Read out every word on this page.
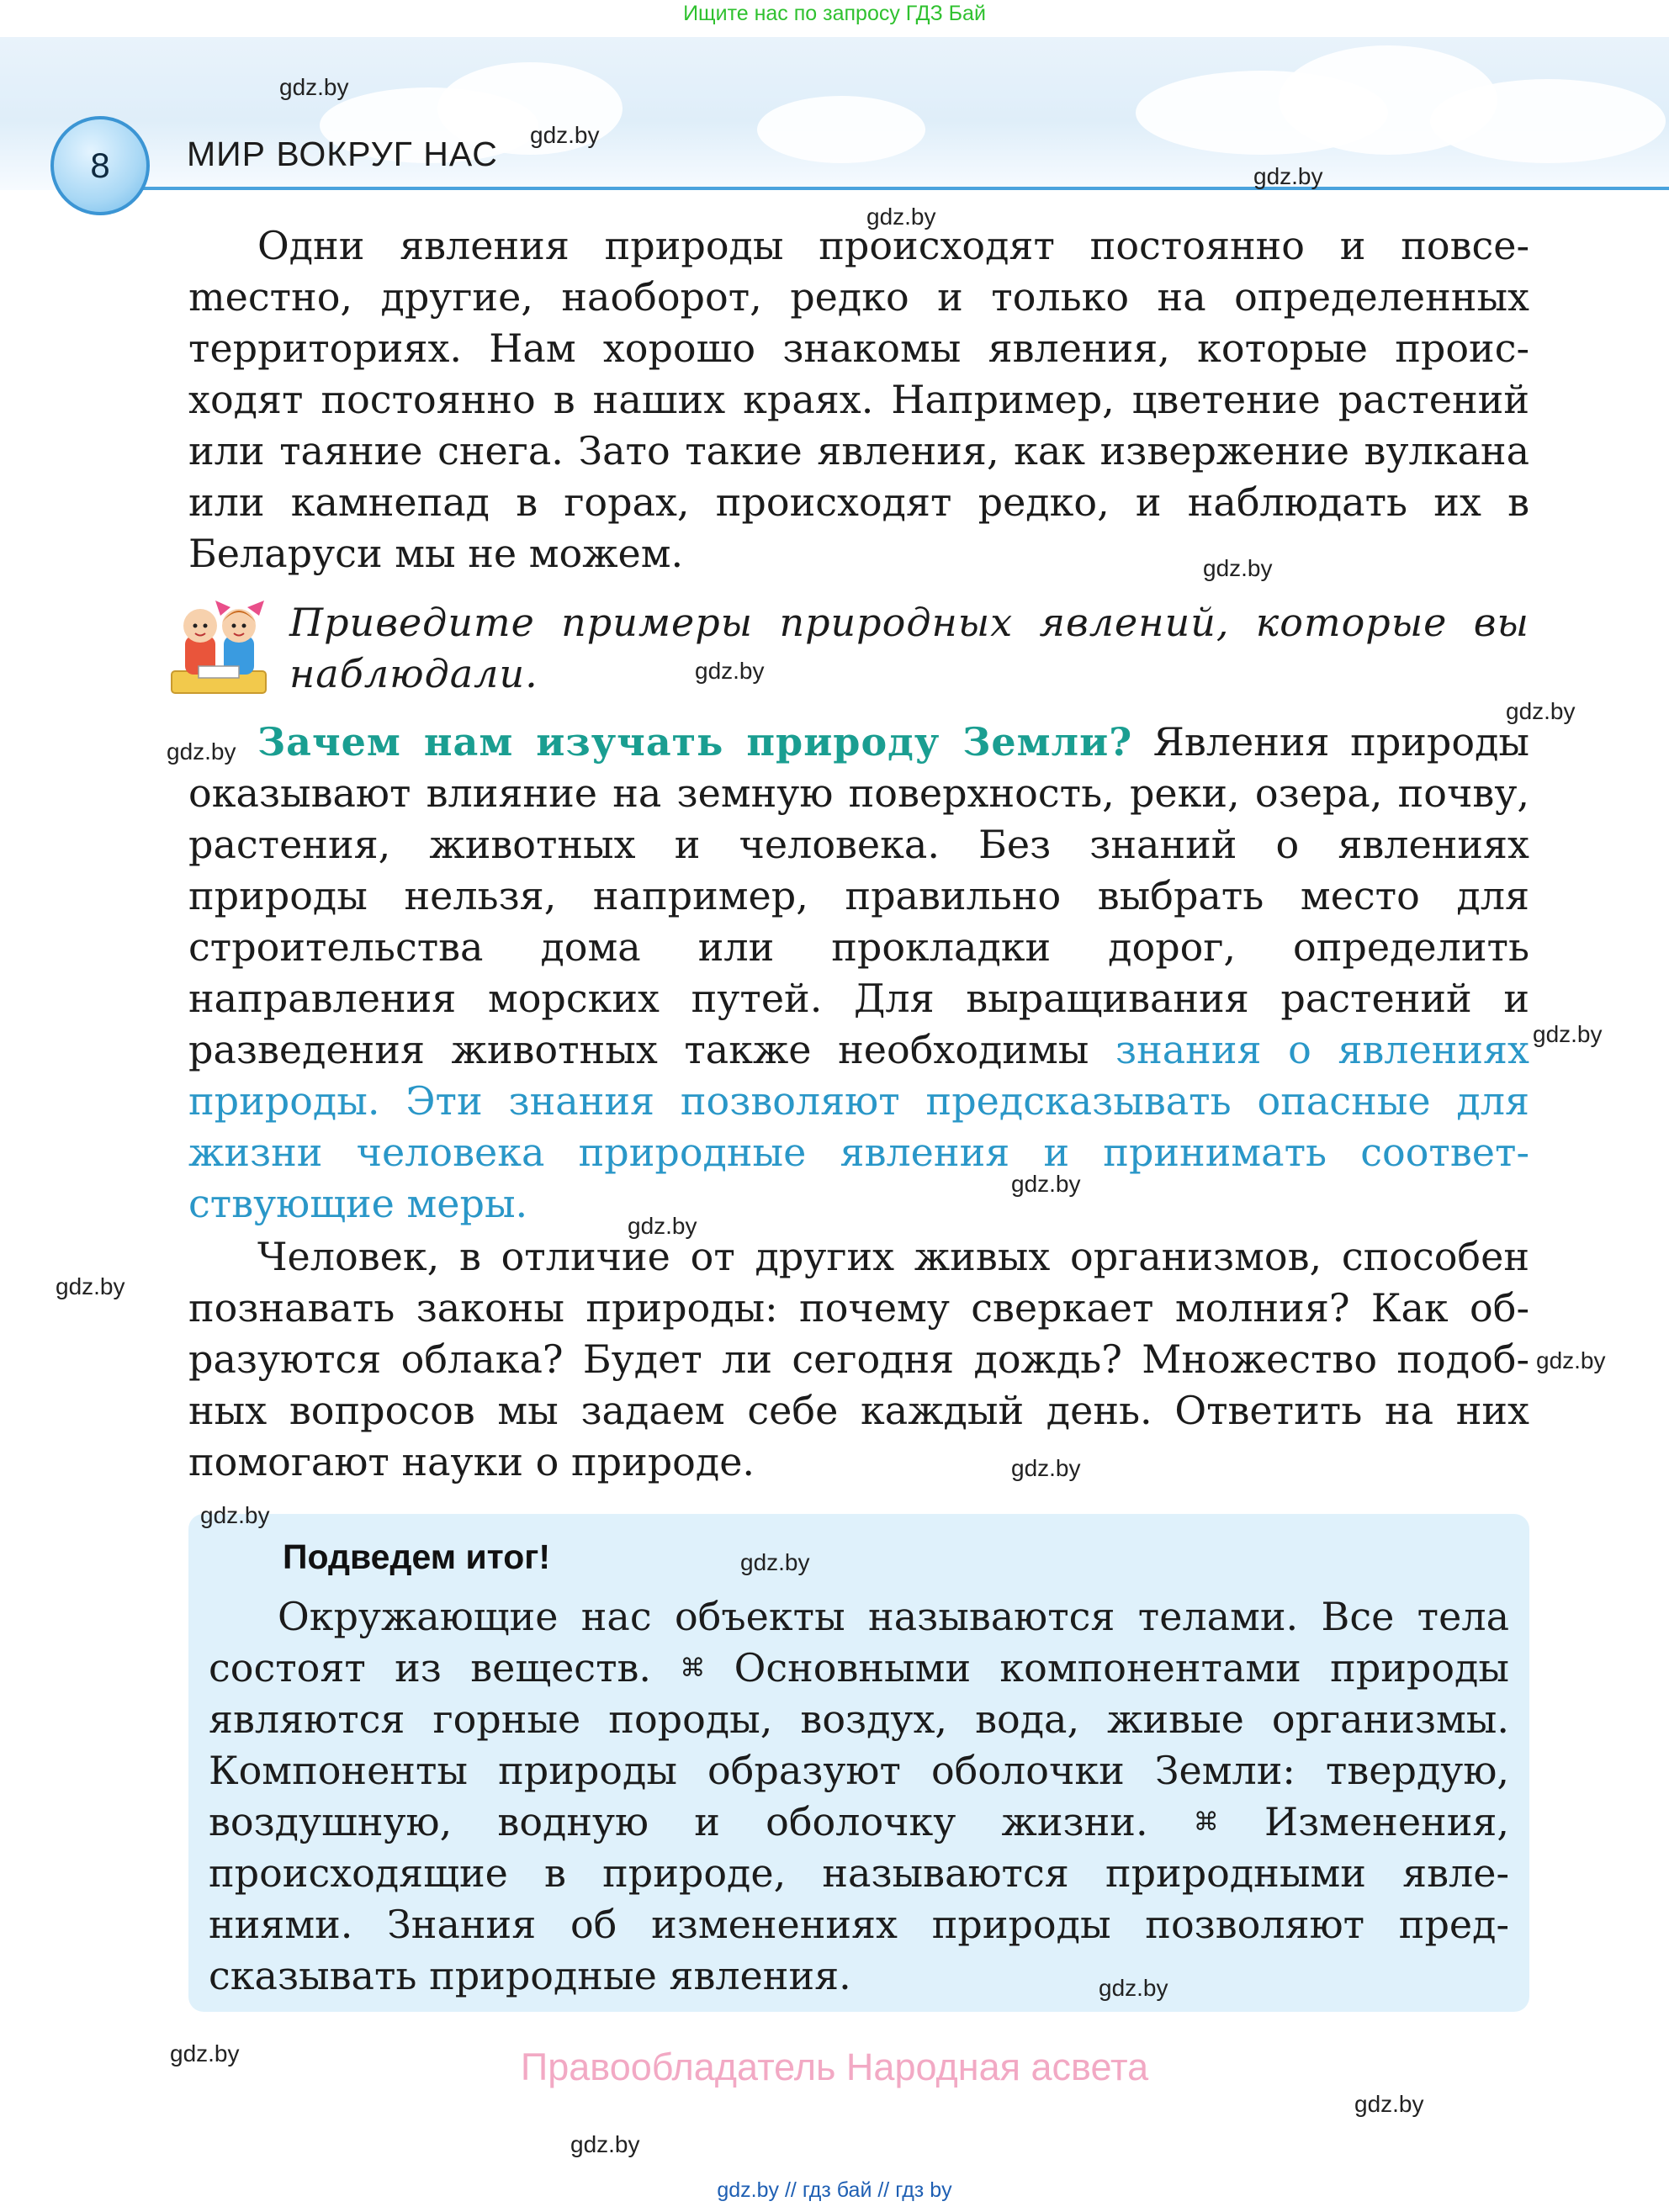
Ищите нас по запросу ГДЗ Бай
8 МИР ВОКРУГ НАС

Одни явления природы происходят постоянно и повсеmестно, другие, наоборот, редко и только на определенных территориях. Нам хорошо знакомы явления, которые происходят постоянно в наших краях. Например, цветение растений или таяние снега. Зато такие явления, как извержение вулкана или камнепад в горах, происходят редко, и наблюдать их в Беларуси мы не можем.

Приведите примеры природных явлений, которые вы наблюдали.

Зачем нам изучать природу Земли? Явления природы оказывают влияние на земную поверхность, реки, озера, почву, растения, животных и человека. Без знаний о явлениях природы нельзя, например, правильно выбрать место для строительства дома или прокладки дорог, определить направления морских путей. Для выращивания растений и разведения животных также необходимы знания о явлениях природы. Эти знания позволяют предсказывать опасные для жизни человека природные явления и принимать соответствующие меры.

Человек, в отличие от других живых организмов, способен познавать законы природы: почему сверкает молния? Как образуются облака? Будет ли сегодня дождь? Множество подобных вопросов мы задаем себе каждый день. Ответить на них помогают науки о природе.

Подведем итог!

Окружающие нас объекты называются телами. Все тела состоят из веществ. ⌘ Основными компонентами природы являются горные породы, воздух, вода, живые организмы. Компоненты природы образуют оболочки Земли: твердую, воздушную, водную и оболочку жизни. ⌘ Изменения, происходящие в природе, называются природными явлениями. Знания об изменениях природы позволяют предсказывать природные явления.

gdz.by
gdz.by
gdz.by
gdz.by
gdz.by
gdz.by
gdz.by
gdz.by
gdz.by
gdz.by
gdz.by
gdz.by
gdz.by
gdz.by
gdz.by
gdz.by
gdz.by
gdz.by
gdz.by
gdz.by
Правообладатель Народная асвета
gdz.by // гдз бай // гдз by
